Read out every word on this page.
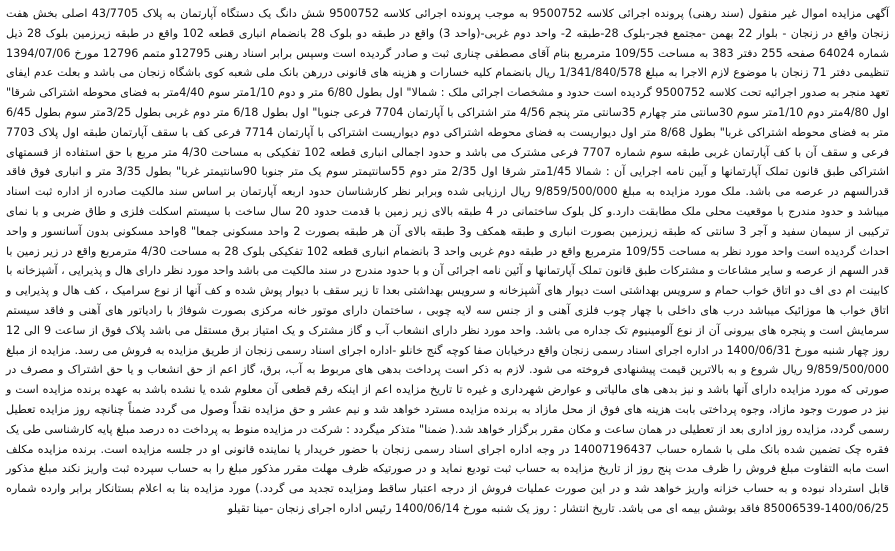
آگهی مزایده اموال غیر منقول (سند رهنی) پرونده اجرائی کلاسه 9500752 به موجب پرونده اجرائی کلاسه 9500752 شش دانگ یک دستگاه آپارتمان به پلاک 43/7705 اصلی بخش هفت زنجان واقع در زنجان - بلوار 22 بهمن -مجتمع فجر-بلوک 28-طبقه 2- واحد دوم غربی-(واحد 3) واقع در طبقه دو بلوک 28 بانضمام انباری قطعه 102 واقع در طبقه زیرزمین بلوک 28 ذیل شماره 64024 صفحه 255 دفتر 383 به مساحت 109/55 مترمربع بنام آقای مصطفی چناری ثبت و صادر گردیده است وسپس برابر اسناد رهنی 12795و متمم 12796 مورخ 1394/07/06 تنظیمی دفتر 71 زنجان با موضوع لازم الاجرا به مبلغ 1/341/840/578 ریال بانضمام کلیه خسارات و هزینه های قانونی دررهن بانک ملی شعبه کوی باشگاه زنجان می باشد و بعلت عدم ایفای تعهد منجر به صدور اجرائیه تحت کلاسه 9500752 گردیده است حدود و مشخصات اجرائی ملک : شمالا" اول بطول 6/80 متر و دوم 1/10متر سوم 4/40متر به فضای محوطه اشتراکی شرقا" اول 4/80متر دوم 1/10متر سوم 30سانتی متر چهارم 35سانتی متر پنجم 4/56 متر اشتراکی با آپارتمان 7704 فرعی جنوبا" اول بطول 6/18 متر دوم غربی بطول 3/25متر سوم بطول 6/45 متر به فضای محوطه اشتراکی غربا" بطول 8/68 متر اول دیواریست به فضای محوطه اشتراکی دوم دیواریست اشتراکی با آپارتمان 7714 فرعی کف با سقف آپارتمان طبقه اول پلاک 7703 فرعی و سقف آن با کف آپارتمان غربی طبقه سوم شماره 7707 فرعی مشترک می باشد و حدود اجمالی انباری قطعه 102 تفکیکی به مساحت 4/30 متر مربع با حق استفاده از قسمتهای اشتراکی طبق قانون تملک آپارتمانها و آیین نامه اجرایی آن : شمالا 1/45متر شرقا اول 2/35 متر دوم 55سانتیمتر سوم یک متر جنوبا 90سانتیمتر غربا" بطول 3/35 متر و انباری فوق فاقد قدرالسهم در عرصه می باشد. ملک مورد مزایده به مبلغ 9/859/500/000 ریال ارزیابی شده وبرابر نظر کارشناسان حدود اربعه آپارتمان بر اساس سند مالکیت صادره از اداره ثبت اسناد میباشد و حدود مندرج با موقعیت محلی ملک مطابقت دارد.و کل بلوک ساختمانی در 4 طبقه بالای زیر زمین با قدمت حدود 20 سال ساخت با سیستم اسکلت فلزی و طاق ضربی و با نمای ترکیبی از سیمان سفید و آجر 3 سانتی که طبقه زیرزمین بصورت انباری و طبقه همکف و3 طبقه بالای آن هر طبقه بصورت 2 واحد مسکونی جمعا" 8واحد مسکونی بدون آسانسور و واحد احداث گردیده است واحد مورد نظر به مساحت 109/55 مترمربع واقع در طبقه دوم غربی واحد 3 بانضمام انباری قطعه 102 تفکیکی بلوک 28 به مساحت 4/30 مترمربع واقع در زیر زمین با قدر السهم از عرصه و سایر مشاعات و مشترکات طبق قانون تملک آپارتمانها و آئین نامه اجرائی آن و با حدود مندرج در سند مالکیت می باشد واحد مورد نظر دارای هال و پذیرایی ، آشپزخانه با کابینت ام دی اف دو اتاق خواب حمام و سرویس بهداشتی است دیوار های آشپزخانه و سرویس بهداشتی بعدا تا زیر سقف با دیوار پوش شده و کف آنها از نوع سرامیک ، کف هال و پذیرایی و اتاق خواب ها موزائیک میباشد درب های داخلی با چهار چوب فلزی آهنی و از جنس سه لایه چوبی ، ساختمان دارای موتور خانه مرکزی بصورت شوفاژ با رادیاتور های آهنی و فاقد سیستم سرمایش است و پنجره های بیرونی آن از نوع آلومینیوم تک جداره می باشد. واحد مورد نظر دارای انشعاب آب و گاز مشترک و یک امتیاز برق مستقل می باشد پلاک فوق از ساعت 9 الی 12 روز چهار شنبه مورخ 1400/06/31 در اداره اجرای اسناد رسمی زنجان واقع درخیابان صفا کوچه گنج خانلو -اداره اجرای اسناد رسمی زنجان از طریق مزایده به فروش می رسد. مزایده از مبلغ 9/859/500/000 ریال شروع و به بالاترین قیمت پیشنهادی فروخته می شود. لازم به ذکر است پرداخت بدهی های مربوط به آب، برق، گاز اعم از حق انشعاب و یا حق اشتراک و مصرف در صورتی که مورد مزایده دارای آنها باشد و نیز بدهی های مالیاتی و عوارض شهرداری و غیره تا تاریخ مزایده اعم از اینکه رقم قطعی آن معلوم شده یا نشده باشد به عهده برنده مزایده است و نیز در صورت وجود مازاد، وجوه پرداختی بابت هزینه های فوق از محل مازاد به برنده مزایده مسترد خواهد شد و نیم عشر و حق مزایده نقداً وصول می گردد ضمناً چنانچه روز مزایده تعطیل رسمی گردد، مزایده روز اداری بعد از تعطیلی در همان ساعت و مکان مقرر برگزار خواهد شد.( ضمنا" متذکر میگردد : شرکت در مزایده منوط به پرداخت ده درصد مبلغ پایه کارشناسی طی یک فقره چک تضمین شده بانک ملی با شماره حساب 14007196437 در وجه اداره اجرای اسناد رسمی زنجان با حضور خریدار یا نماینده قانونی او در جلسه مزایده است. برنده مزایده مکلف است مابه التفاوت مبلغ فروش را ظرف مدت پنج روز از تاریخ مزایده به حساب ثبت تودیع نماید و در صورتیکه ظرف مهلت مقرر مذکور مبلغ را به حساب سپرده ثبت واریز نکند مبلغ مذکور قابل استرداد نبوده و به حساب خزانه واریز خواهد شد و در این صورت عملیات فروش از درجه اعتبار ساقط ومزایده تجدید می گردد.) مورد مزایده بنا به اعلام بستانکار برابر وارده شماره 1400/06/25-85006539 فاقد بوشش بیمه ای می باشد. تاریخ انتشار : روز یک شنبه مورخ 1400/06/14 رئیس اداره اجرای زنجان -مینا تقیلو
